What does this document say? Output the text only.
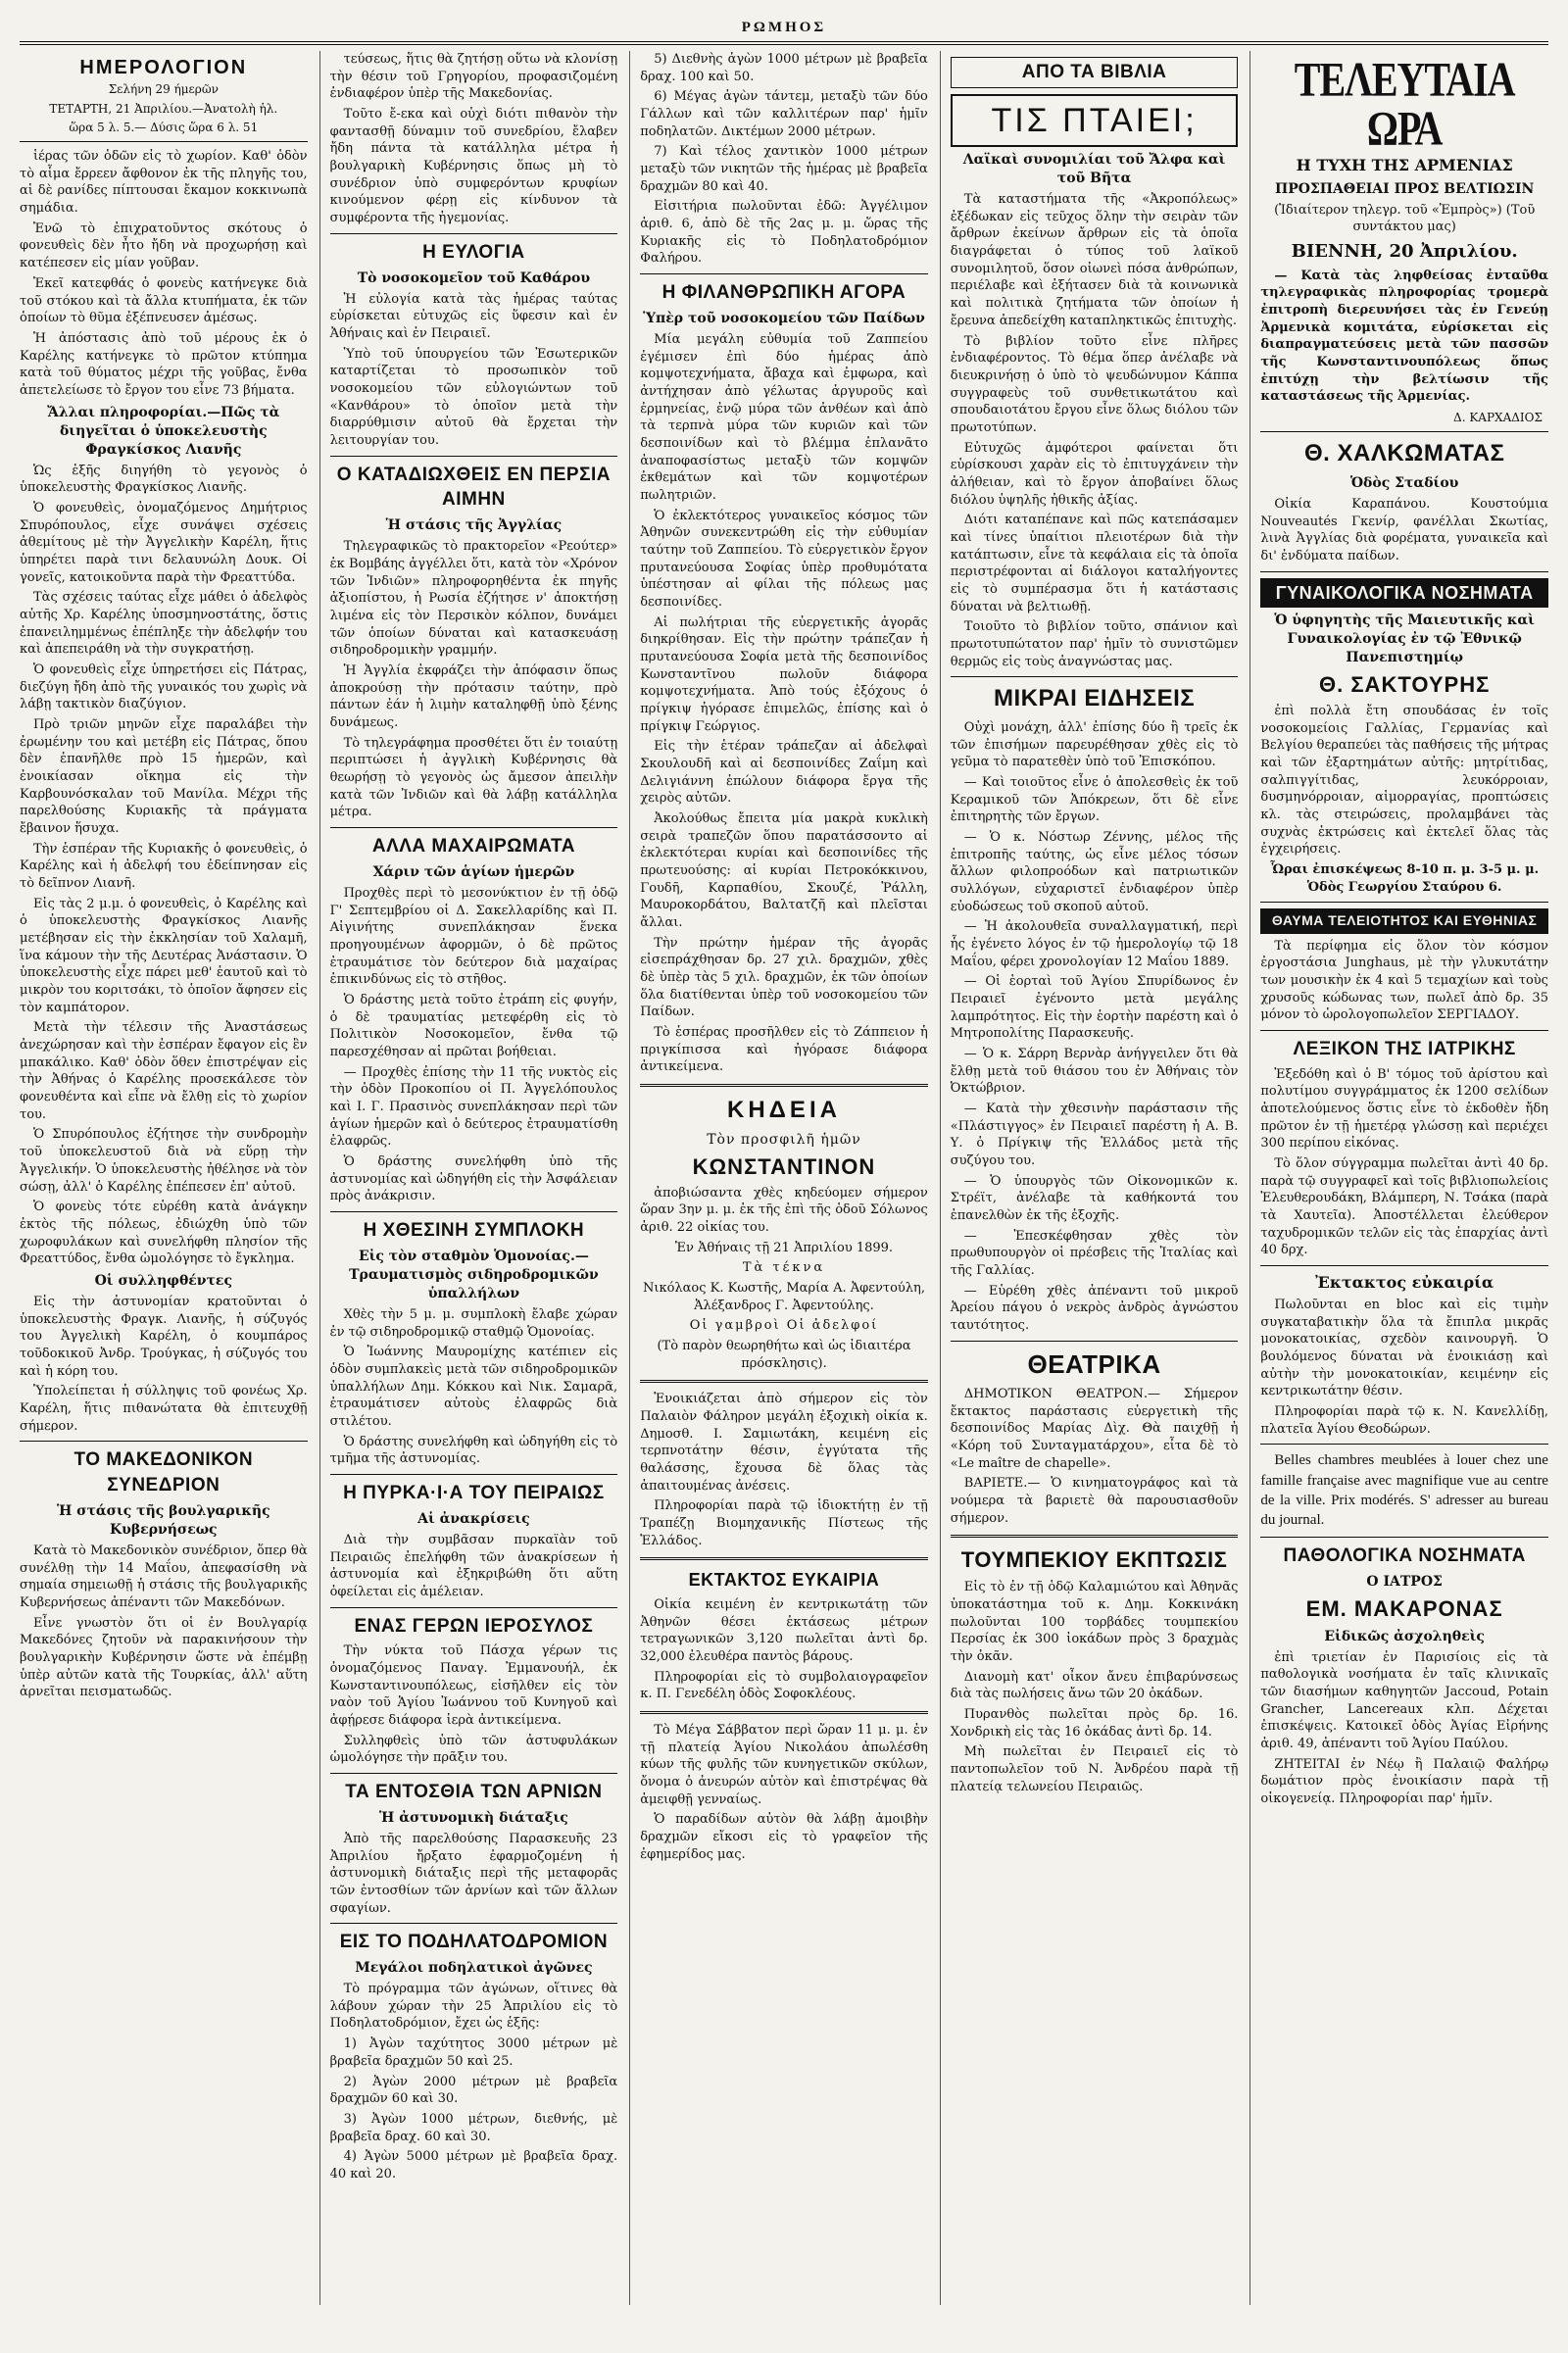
ΡΩΜΗΟΣ
ΗΜΕΡΟΛΟΓΙΟΝ

Σελήνη 29 ήμερῶν

ΤΕΤΑΡΤΗ, 21 Ἀπριλίου.—Ἀνατολὴ ἡλ.

ὥρα 5 λ. 5.— Δύσις ὥρα 6 λ. 51

ἱέρας τῶν ὁδῶν εἰς τὸ χωρίον. Καθ' ὁδὸν τὸ αἷμα ἔρρεεν ἄφθονον ἐκ τῆς πληγῆς του, αἱ δὲ ρανίδες πίπτουσαι ἔκαμον κοκκινωπὰ σημάδια.

Ἐνῶ τὸ ἐπιχρατοῦντος σκότους ὁ φονευθεὶς δὲν ἦτο ἤδη νὰ προχωρήσῃ καὶ κατέπεσεν εἰς μίαν γοῦβαν.

Ἐκεῖ κατεφθάς ὁ φονεὺς κατήνεγκε διὰ τοῦ στόκου καὶ τὰ ἄλλα κτυπήματα, ἐκ τῶν ὁποίων τὸ θῦμα ἐξέπνευσεν ἀμέσως.

Ἡ ἀπόστασις ἀπὸ τοῦ μέρους ἐκ ὁ Καρέλης κατήνεγκε τὸ πρῶτον κτύπημα κατὰ τοῦ θύματος μέχρι τῆς γοῦβας, ἔνθα ἀπετελείωσε τὸ ἔργον του εἶνε 73 βήματα.

Ἄλλαι πληροφορίαι.—Πῶς τὰ διηγεῖται ὁ ὑποκελευστὴς Φραγκίσκος Λιανῆς

Ὡς ἑξῆς διηγήθη τὸ γεγονὸς ὁ ὑποκελευστὴς Φραγκίσκος Λιανῆς.

Ὁ φονευθεὶς, ὀνομαζόμενος Δημήτριος Σπυρόπουλος, εἶχε συνάψει σχέσεις ἀθεμίτους μὲ τὴν Ἀγγελικὴν Καρέλη, ἥτις ὑπηρέτει παρὰ τινι δελαυνώλη Δουκ. Οἱ γονεῖς, κατοικοῦντα παρὰ τὴν Φρεαττύδα.

Τὰς σχέσεις ταύτας εἶχε μάθει ὁ ἀδελφὸς αὐτῆς Χρ. Καρέλης ὑποσμηνοστάτης, ὅστις ἐπανειλημμένως ἐπέπληξε τὴν ἀδελφήν του καὶ ἀπεπειράθη νὰ τὴν συγκρατήσῃ.

Ὁ φονευθεὶς εἶχε ὑπηρετήσει εἰς Πάτρας, διεζύγη ἤδη ἀπὸ τῆς γυναικός του χωρὶς νὰ λάβῃ τακτικὸν διαζύγιον.

Πρὸ τριῶν μηνῶν εἶχε παραλάβει τὴν ἐρωμένην του καὶ μετέβη εἰς Πάτρας, ὅπου δὲν ἐπανῆλθε πρὸ 15 ἡμερῶν, καὶ ἐνοικίασαν οἴκημα εἰς τὴν Καρβουνόσκαλαν τοῦ Μανίλα. Μέχρι τῆς παρελθούσης Κυριακῆς τὰ πράγματα ἔβαινον ἥσυχα.

Τὴν ἑσπέραν τῆς Κυριακῆς ὁ φονευθεὶς, ὁ Καρέλης καὶ ἡ ἀδελφή του ἐδείπνησαν εἰς τὸ δεῖπνον Λιανῆ.

Εἰς τὰς 2 μ.μ. ὁ φονευθεὶς, ὁ Καρέλης καὶ ὁ ὑποκελευστὴς Φραγκίσκος Λιανῆς μετέβησαν εἰς τὴν ἐκκλησίαν τοῦ Χαλαμῆ, ἵνα κάμουν τὴν τῆς Δευτέρας Ἀνάστασιν. Ὁ ὑποκελευστὴς εἶχε πάρει μεθ' ἑαυτοῦ καὶ τὸ μικρὸν του κοριτσάκι, τὸ ὁποῖον ἄφησεν εἰς τὸν καμπάτορον.

Μετὰ τὴν τέλεσιν τῆς Ἀναστάσεως ἀνεχώρησαν καὶ τὴν ἐσπέραν ἔφαγον εἰς ἓν μπακάλικο. Καθ' ὁδὸν ὅθεν ἐπιστρέψαν εἰς τὴν Ἀθήνας ὁ Καρέλης προσεκάλεσε τὸν φονευθέντα καὶ εἶπε νὰ ἔλθῃ εἰς τὸ χωρίον του.

Ὁ Σπυρόπουλος ἐζήτησε τὴν συνδρομὴν τοῦ ὑποκελευστοῦ διὰ νὰ εὕρῃ τὴν Ἀγγελικήν. Ὁ ὑποκελευστὴς ἠθέλησε νὰ τὸν σώσῃ, ἀλλ' ὁ Καρέλης ἐπέπεσεν ἐπ' αὐτοῦ.

Ὁ φονεὺς τότε εὑρέθη κατὰ ἀνάγκην ἐκτὸς τῆς πόλεως, ἐδιώχθη ὑπὸ τῶν χωροφυλάκων καὶ συνελήφθη πλησίον τῆς Φρεαττύδος, ἔνθα ὡμολόγησε τὸ ἔγκλημα.

Οἱ συλληφθέντες

Εἰς τὴν ἀστυνομίαν κρατοῦνται ὁ ὑποκελευστὴς Φραγκ. Λιανῆς, ἡ σύζυγός του Ἀγγελικὴ Καρέλη, ὁ κουμπάρος τοῦδοκικοῦ Ἀνδρ. Τρούγκας, ἡ σύζυγός του καὶ ἡ κόρη του.

Ὑπολείπεται ἡ σύλληψις τοῦ φονέως Χρ. Καρέλη, ἥτις πιθανώτατα θὰ ἐπιτευχθῇ σήμερον.

ΤΟ ΜΑΚΕΔΟΝΙΚΟΝ ΣΥΝΕΔΡΙΟΝ
Ἡ στάσις τῆς βουλγαρικῆς Κυβερνήσεως

Κατὰ τὸ Μακεδονικὸν συνέδριον, ὅπερ θὰ συνέλθῃ τὴν 14 Μαΐου, ἀπεφασίσθη νὰ σημαία σημειωθῇ ἡ στάσις τῆς βουλγαρικῆς Κυβερνήσεως ἀπέναντι τῶν Μακεδόνων.

Εἶνε γνωστὸν ὅτι οἱ ἐν Βουλγαρίᾳ Μακεδόνες ζητοῦν νὰ παρακινήσουν τὴν βουλγαρικὴν Κυβέρνησιν ὥστε νὰ ἐπέμβῃ ὑπὲρ αὐτῶν κατὰ τῆς Τουρκίας, ἀλλ' αὕτη ἀρνεῖται πεισματωδῶς.

τεύσεως, ἥτις θὰ ζητήσῃ οὕτω νὰ κλονίσῃ τὴν θέσιν τοῦ Γρηγορίου, προφασιζομένη ἐνδιαφέρον ὑπὲρ τῆς Μακεδονίας.

Τοῦτο ἔ-εκα καὶ οὐχὶ διότι πιθανὸν τὴν φαντασθῇ δύναμιν τοῦ συνεδρίου, ἔλαβεν ἤδη πάντα τὰ κατάλληλα μέτρα ἡ βουλγαρικὴ Κυβέρνησις ὅπως μὴ τὸ συνέδριον ὑπὸ συμφερόντων κρυφίων κινούμενον φέρῃ εἰς κίνδυνον τὰ συμφέροντα τῆς ἡγεμονίας.

Η ΕΥΛΟΓΙΑ
Τὸ νοσοκομεῖον τοῦ Καθάρου

Ἡ εὐλογία κατὰ τὰς ἡμέρας ταύτας εὑρίσκεται εὐτυχῶς εἰς ὕφεσιν καὶ ἐν Ἀθήναις καὶ ἐν Πειραιεῖ.

Ὑπὸ τοῦ ὑπουργείου τῶν Ἐσωτερικῶν καταρτίζεται τὸ προσωπικὸν τοῦ νοσοκομείου τῶν εὐλογιώντων τοῦ «Κανθάρου» τὸ ὁποῖον μετὰ τὴν διαρρύθμισιν αὐτοῦ θὰ ἔρχεται τὴν λειτουργίαν του.

Ο ΚΑΤΑΔΙΩΧΘΕΙΣ ΕΝ ΠΕΡΣΙΑ ΑΙΜΗΝ
Ἡ στάσις τῆς Ἀγγλίας

Τηλεγραφικῶς τὸ πρακτορεῖον «Ρεούτερ» ἐκ Βομβάης ἀγγέλλει ὅτι, κατὰ τὸν «Χρόνον τῶν Ἰνδιῶν» πληροφορηθέντα ἐκ πηγῆς ἀξιοπίστου, ἡ Ρωσία ἐζήτησε ν' ἀποκτήσῃ λιμένα εἰς τὸν Περσικὸν κόλπον, δυνάμει τῶν ὁποίων δύναται καὶ κατασκευάσῃ σιδηροδρομικὴν γραμμήν.

Ἡ Ἀγγλία ἐκφράζει τὴν ἀπόφασιν ὅπως ἀποκρούσῃ τὴν πρότασιν ταύτην, πρὸ πάντων ἐάν ἡ λιμὴν καταληφθῇ ὑπὸ ξένης δυνάμεως.

Τὸ τηλεγράφημα προσθέτει ὅτι ἐν τοιαύτῃ περιπτώσει ἡ ἀγγλικὴ Κυβέρνησις θὰ θεωρήσῃ τὸ γεγονὸς ὡς ἄμεσον ἀπειλὴν κατὰ τῶν Ἰνδιῶν καὶ θὰ λάβῃ κατάλληλα μέτρα.

ΑΛΛΑ ΜΑΧΑΙΡΩΜΑΤΑ
Χάριν τῶν ἁγίων ἡμερῶν

Προχθὲς περὶ τὸ μεσονύκτιον ἐν τῇ ὁδῷ Γ' Σεπτεμβρίου οἱ Δ. Σακελλαρίδης καὶ Π. Αἰγινήτης συνεπλάκησαν ἕνεκα προηγουμένων ἀφορμῶν, ὁ δὲ πρῶτος ἐτραυμάτισε τὸν δεύτερον διὰ μαχαίρας ἐπικινδύνως εἰς τὸ στῆθος.

Ὁ δράστης μετὰ τοῦτο ἐτράπη εἰς φυγήν, ὁ δὲ τραυματίας μετεφέρθη εἰς τὸ Πολιτικὸν Νοσοκομεῖον, ἔνθα τῷ παρεσχέθησαν αἱ πρῶται βοήθειαι.

— Προχθὲς ἐπίσης τὴν 11 τῆς νυκτὸς εἰς τὴν ὁδὸν Προκοπίου οἱ Π. Ἀγγελόπουλος καὶ Ι. Γ. Πρασινὸς συνεπλάκησαν περὶ τῶν ἁγίων ἡμερῶν καὶ ὁ δεύτερος ἐτραυματίσθη ἐλαφρῶς.

Ὁ δράστης συνελήφθη ὑπὸ τῆς ἀστυνομίας καὶ ὡδηγήθη εἰς τὴν Ἀσφάλειαν πρὸς ἀνάκρισιν.

Η ΧΘΕΣΙΝΗ ΣΥΜΠΛΟΚΗ
Εἰς τὸν σταθμὸν Ὁμονοίας.—Τραυματισμὸς σιδηροδρομικῶν ὑπαλλήλων

Χθὲς τὴν 5 μ. μ. συμπλοκὴ ἔλαβε χώραν ἐν τῷ σιδηροδρομικῷ σταθμῷ Ὁμονοίας.

Ὁ Ἰωάννης Μαυρομίχης κατέπιεν εἰς ὁδὸν συμπλακεὶς μετὰ τῶν σιδηροδρομικῶν ὑπαλλήλων Δημ. Κόκκου καὶ Νικ. Σαμαρᾶ, ἐτραυμάτισεν αὐτοὺς ἐλαφρῶς διὰ στιλέτου.

Ὁ δράστης συνελήφθη καὶ ὡδηγήθη εἰς τὸ τμῆμα τῆς ἀστυνομίας.

Η ΠΥΡΚΑ·Ι·Α ΤΟΥ ΠΕΙΡΑΙΩΣ
Αἱ ἀνακρίσεις

Διὰ τὴν συμβᾶσαν πυρκαϊὰν τοῦ Πειραιῶς ἐπελήφθη τῶν ἀνακρίσεων ἡ ἀστυνομία καὶ ἐξηκριβώθη ὅτι αὕτη ὀφείλεται εἰς ἀμέλειαν.

ΕΝΑΣ ΓΕΡΩΝ ΙΕΡΟΣΥΛΟΣ

Τὴν νύκτα τοῦ Πάσχα γέρων τις ὀνομαζόμενος Παναγ. Ἐμμανουήλ, ἐκ Κωνσταντινουπόλεως, εἰσῆλθεν εἰς τὸν ναὸν τοῦ Ἁγίου Ἰωάννου τοῦ Κυνηγοῦ καὶ ἀφῄρεσε διάφορα ἱερὰ ἀντικείμενα.

Συλληφθεὶς ὑπὸ τῶν ἀστυφυλάκων ὡμολόγησε τὴν πρᾶξιν του.

ΤΑ ΕΝΤΟΣΘΙΑ ΤΩΝ ΑΡΝΙΩΝ
Ἡ ἀστυνομικὴ διάταξις

Ἀπὸ τῆς παρελθούσης Παρασκευῆς 23 Ἀπριλίου ἤρξατο ἐφαρμοζομένη ἡ ἀστυνομικὴ διάταξις περὶ τῆς μεταφορᾶς τῶν ἐντοσθίων τῶν ἀρνίων καὶ τῶν ἄλλων σφαγίων.

ΕΙΣ ΤΟ ΠΟΔΗΛΑΤΟΔΡΟΜΙΟΝ
Μεγάλοι ποδηλατικοὶ ἀγῶνες

Τὸ πρόγραμμα τῶν ἀγώνων, οἵτινες θὰ λάβουν χώραν τὴν 25 Ἀπριλίου εἰς τὸ Ποδηλατοδρόμιον, ἔχει ὡς ἑξῆς:

1) Ἀγὼν ταχύτητος 3000 μέτρων μὲ βραβεῖα δραχμῶν 50 καὶ 25.

2) Ἀγὼν 2000 μέτρων μὲ βραβεῖα δραχμῶν 60 καὶ 30.

3) Ἀγὼν 1000 μέτρων, διεθνής, μὲ βραβεῖα δραχ. 60 καὶ 30.

4) Ἀγὼν 5000 μέτρων μὲ βραβεῖα δραχ. 40 καὶ 20.

5) Διεθνὴς ἀγὼν 1000 μέτρων μὲ βραβεῖα δραχ. 100 καὶ 50.

6) Μέγας ἀγὼν τάντεμ, μεταξὺ τῶν δύο Γάλλων καὶ τῶν καλλιτέρων παρ' ἡμῖν ποδηλατῶν. Δικτέμων 2000 μέτρων.

7) Καὶ τέλος χαντικὸν 1000 μέτρων μεταξὺ τῶν νικητῶν τῆς ἡμέρας μὲ βραβεῖα δραχμῶν 80 καὶ 40.

Εἰσιτήρια πωλοῦνται ἐδῶ: Ἀγγέλιμον ἀριθ. 6, ἀπὸ δὲ τῆς 2ας μ. μ. ὥρας τῆς Κυριακῆς εἰς τὸ Ποδηλατοδρόμιον Φαλήρου.

Η ΦΙΛΑΝΘΡΩΠΙΚΗ ΑΓΟΡΑ
Ὑπὲρ τοῦ νοσοκομείου τῶν Παίδων

Μία μεγάλη εὐθυμία τοῦ Ζαππείου ἐγέμισεν ἐπὶ δύο ἡμέρας ἀπὸ κομψοτεχνήματα, ἄβαχα καὶ ἐμφωρα, καὶ ἀντήχησαν ἀπὸ γέλωτας ἀργυροῦς καὶ ἐρμηνείας, ἐνῷ μύρα τῶν ἀνθέων καὶ ἀπὸ τὰ τερπνὰ μύρα τῶν κυριῶν καὶ τῶν δεσποινίδων καὶ τὸ βλέμμα ἐπλανᾶτο ἀναποφασίστως μεταξὺ τῶν κομψῶν ἐκθεμάτων καὶ τῶν κομψοτέρων πωλητριῶν.

Ὁ ἐκλεκτότερος γυναικεῖος κόσμος τῶν Ἀθηνῶν συνεκεντρώθη εἰς τὴν εὐθυμίαν ταύτην τοῦ Ζαππείου. Τὸ εὐεργετικὸν ἔργον πρυτανεύουσα Σοφίας ὑπὲρ προθυμότατα ὑπέστησαν αἱ φίλαι τῆς πόλεως μας δεσποινίδες.

Αἱ πωλήτριαι τῆς εὐεργετικῆς ἀγορᾶς διηκρίθησαν. Εἰς τὴν πρώτην τράπεζαν ἡ πρυτανεύουσα Σοφία μετὰ τῆς δεσποινίδος Κωνσταντῖνου πωλοῦν διάφορα κομψοτεχνήματα. Ἀπὸ τούς ἐξόχους ὁ πρίγκιψ ἠγόρασε ἐπιμελῶς, ἐπίσης καὶ ὁ πρίγκιψ Γεώργιος.

Εἰς τὴν ἑτέραν τράπεζαν αἱ ἀδελφαὶ Σκουλουδῆ καὶ αἱ δεσποινίδες Ζαΐμη καὶ Δελιγιάννη ἐπώλουν διάφορα ἔργα τῆς χειρὸς αὐτῶν.

Ἀκολούθως ἔπειτα μία μακρὰ κυκλικὴ σειρὰ τραπεζῶν ὅπου παρατάσσοντο αἱ ἐκλεκτότεραι κυρίαι καὶ δεσποινίδες τῆς πρωτευούσης: αἱ κυρίαι Πετροκόκκινου, Γουδῆ, Καρπαθίου, Σκουζέ, Ῥάλλη, Μαυροκορδάτου, Βαλτατζῆ καὶ πλεῖσται ἄλλαι.

Τὴν πρώτην ἡμέραν τῆς ἀγορᾶς εἰσεπράχθησαν δρ. 27 χιλ. δραχμῶν, χθὲς δὲ ὑπὲρ τὰς 5 χιλ. δραχμῶν, ἐκ τῶν ὁποίων ὅλα διατίθενται ὑπὲρ τοῦ νοσοκομείου τῶν Παίδων.

Τὸ ἑσπέρας προσῆλθεν εἰς τὸ Ζάππειον ἡ πριγκίπισσα καὶ ἠγόρασε διάφορα ἀντικείμενα.

ΚΗΔΕΙΑ
Τὸν προσφιλῆ ἡμῶν
ΚΩΝΣΤΑΝΤΙΝΟΝ

ἀποβιώσαντα χθὲς κηδεύομεν σήμερον ὥραν 3ην μ. μ. ἐκ τῆς ἐπὶ τῆς ὁδοῦ Σόλωνος ἀριθ. 22 οἰκίας του.

Ἐν Ἀθήναις τῇ 21 Ἀπριλίου 1899.

Τὰ τέκνα

Νικόλαος Κ. Κωστῆς, Μαρία Α. Ἀφεντούλη, Ἀλέξανδρος Γ. Ἀφεντούλης.

Οἱ γαμβροὶ Οἱ ἀδελφοί

(Τὸ παρὸν θεωρηθήτω καὶ ὡς ἰδιαιτέρα πρόσκλησις).

Ἐνοικιάζεται ἀπὸ σήμερον εἰς τὸν Παλαιὸν Φάληρον μεγάλη ἐξοχικὴ οἰκία κ. Δημοσθ. Ι. Σαμιωτάκη, κειμένη εἰς τερπνοτάτην θέσιν, ἐγγύτατα τῆς θαλάσσης, ἔχουσα δὲ ὅλας τὰς ἀπαιτουμένας ἀνέσεις.

Πληροφορίαι παρὰ τῷ ἰδιοκτήτῃ ἐν τῇ Τραπέζῃ Βιομηχανικῆς Πίστεως τῆς Ἑλλάδος.

ΕΚΤΑΚΤΟΣ ΕΥΚΑΙΡΙΑ

Οἰκία κειμένη ἐν κεντρικωτάτῃ τῶν Ἀθηνῶν θέσει ἐκτάσεως μέτρων τετραγωνικῶν 3,120 πωλεῖται ἀντὶ δρ. 32,000 ἐλευθέρα παντὸς βάρους.

Πληροφορίαι εἰς τὸ συμβολαιογραφεῖον κ. Π. Γενεδέλη ὁδὸς Σοφοκλέους.

Τὸ Μέγα Σάββατον περὶ ὥραν 11 μ. μ. ἐν τῇ πλατείᾳ Ἁγίου Νικολάου ἀπωλέσθη κύων τῆς φυλῆς τῶν κυνηγετικῶν σκύλων, ὄνομα ὁ ἀνευρών αὐτὸν καὶ ἐπιστρέψας θὰ ἀμειφθῇ γενναίως.

Ὁ παραδίδων αὐτὸν θὰ λάβῃ ἀμοιβὴν δραχμῶν εἴκοσι εἰς τὸ γραφεῖον τῆς ἐφημερίδος μας.

ΑΠΟ ΤΑ ΒΙΒΛΙΑ
ΤΙΣ ΠΤΑΙΕΙ;
Λαϊκαὶ συνομιλίαι τοῦ Ἄλφα καὶ τοῦ Βῆτα

Τὰ καταστήματα τῆς «Ἀκροπόλεως» ἐξέδωκαν εἰς τεῦχος ὅλην τὴν σειρὰν τῶν ἄρθρων ἐκείνων ἄρθρων εἰς τὰ ὁποῖα διαγράφεται ὁ τύπος τοῦ λαϊκοῦ συνομιλητοῦ, ὅσον οἰωνεὶ πόσα ἀνθρώπων, περιέλαβε καὶ ἐξήτασεν διὰ τὰ κοινωνικὰ καὶ πολιτικὰ ζητήματα τῶν ὁποίων ἡ ἔρευνα ἀπεδείχθη καταπληκτικῶς ἐπιτυχὴς.

Τὸ βιβλίον τοῦτο εἶνε πλῆρες ἐνδιαφέροντος. Τὸ θέμα ὅπερ ἀνέλαβε νὰ διευκρινήσῃ ὁ ὑπὸ τὸ ψευδώνυμον Κάππα συγγραφεὺς τοῦ συνθετικωτάτου καὶ σπουδαιοτάτου ἔργου εἶνε ὅλως διόλου τῶν πρωτοτύπων.

Εὐτυχῶς ἀμφότεροι φαίνεται ὅτι εὑρίσκουσι χαρὰν εἰς τὸ ἐπιτυγχάνειν τὴν ἀλήθειαν, καὶ τὸ ἔργον ἀποβαίνει ὅλως διόλου ὑψηλῆς ἠθικῆς ἀξίας.

Διότι καταπέπανε καὶ πῶς κατεπάσαμεν καὶ τίνες ὑπαίτιοι πλειοτέρων διὰ τὴν κατάπτωσιν, εἶνε τὰ κεφάλαια εἰς τὰ ὁποῖα περιστρέφονται αἱ διάλογοι καταλήγοντες εἰς τὸ συμπέρασμα ὅτι ἡ κατάστασις δύναται νὰ βελτιωθῇ.

Τοιοῦτο τὸ βιβλίον τοῦτο, σπάνιον καὶ πρωτοτυπώτατον παρ' ἡμῖν τὸ συνιστῶμεν θερμῶς εἰς τοὺς ἀναγνώστας μας.

ΜΙΚΡΑΙ ΕΙΔΗΣΕΙΣ

Οὐχὶ μονάχη, ἀλλ' ἐπίσης δύο ἢ τρεῖς ἐκ τῶν ἐπισήμων παρευρέθησαν χθὲς εἰς τὸ γεῦμα τὸ παρατεθὲν ὑπὸ τοῦ Ἐπισκόπου.

— Καὶ τοιοῦτος εἶνε ὁ ἀπολεσθεὶς ἐκ τοῦ Κεραμικοῦ τῶν Ἀπόκρεων, ὅτι δὲ εἶνε ἐπιτηρητὴς τῶν ἔργων.

— Ὁ κ. Νόστωρ Ζέννης, μέλος τῆς ἐπιτροπῆς ταύτης, ὡς εἶνε μέλος τόσων ἄλλων φιλοπροόδων καὶ πατριωτικῶν συλλόγων, εὐχαριστεῖ ἐνδιαφέρον ὑπὲρ εὐοδώσεως τοῦ σκοποῦ αὐτοῦ.

— Ἡ ἀκολουθεῖα συναλλαγματική, περὶ ἧς ἐγένετο λόγος ἐν τῷ ἡμερολογίῳ τῷ 18 Μαΐου, φέρει χρονολογίαν 12 Μαΐου 1889.

— Οἱ ἑορταὶ τοῦ Ἁγίου Σπυρίδωνος ἐν Πειραιεῖ ἐγένοντο μετὰ μεγάλης λαμπρότητος. Εἰς τὴν ἑορτὴν παρέστη καὶ ὁ Μητροπολίτης Παρασκευῆς.

— Ὁ κ. Σάρρη Βερνὰρ ἀνήγγειλεν ὅτι θὰ ἔλθῃ μετὰ τοῦ θιάσου του ἐν Ἀθήναις τὸν Ὀκτώβριον.

— Κατὰ τὴν χθεσινὴν παράστασιν τῆς «Πλάστιγγος» ἐν Πειραιεῖ παρέστη ἡ Α. Β. Υ. ὁ Πρίγκιψ τῆς Ἑλλάδος μετὰ τῆς συζύγου του.

— Ὁ ὑπουργὸς τῶν Οἰκονομικῶν κ. Στρέϊτ, ἀνέλαβε τὰ καθήκοντά του ἐπανελθὼν ἐκ τῆς ἐξοχῆς.

— Ἐπεσκέφθησαν χθὲς τὸν πρωθυπουργὸν οἱ πρέσβεις τῆς Ἰταλίας καὶ τῆς Γαλλίας.

— Εὑρέθη χθὲς ἀπέναντι τοῦ μικροῦ Ἀρείου πάγου ὁ νεκρὸς ἀνδρὸς ἀγνώστου ταυτότητος.

ΘΕΑΤΡΙΚΑ

ΔΗΜΟΤΙΚΟΝ ΘΕΑΤΡΟΝ.— Σήμερον ἔκτακτος παράστασις εὐεργετικὴ τῆς δεσποινίδος Μαρίας Δὶχ. Θὰ παιχθῇ ἡ «Κόρη τοῦ Συνταγματάρχου», εἶτα δὲ τὸ «Le maître de chapelle».

ΒΑΡΙΕΤΕ.— Ὁ κινηματογράφος καὶ τὰ νούμερα τὰ βαριετὲ θὰ παρουσιασθοῦν σήμερον.

ΤΟΥΜΠΕΚΙΟΥ ΕΚΠΤΩΣΙΣ

Εἰς τὸ ἐν τῇ ὁδῷ Καλαμιώτου καὶ Ἀθηνᾶς ὑποκατάστημα τοῦ κ. Δημ. Κοκκινάκη πωλοῦνται 100 τορβάδες τουμπεκίου Περσίας ἐκ 300 ἰοκάδων πρὸς 3 δραχμὰς τὴν ὀκᾶν.

Διανομὴ κατ' οἶκον ἄνευ ἐπιβαρύνσεως διὰ τὰς πωλήσεις ἄνω τῶν 20 ὀκάδων.

Πυρανθὸς πωλεῖται πρὸς δρ. 16. Χονδρικὴ εἰς τὰς 16 ὀκάδας ἀντὶ δρ. 14.

Μὴ πωλεῖται ἐν Πειραιεῖ εἰς τὸ παντοπωλεῖον τοῦ Ν. Ἀνδρέου παρὰ τῇ πλατείᾳ τελωνείου Πειραιῶς.

ΤΕΛΕΥΤΑΙΑ ΩΡΑ
Η ΤΥΧΗ ΤΗΣ ΑΡΜΕΝΙΑΣ
ΠΡΟΣΠΑΘΕΙΑΙ ΠΡΟΣ ΒΕΛΤΙΩΣΙΝ

(Ἰδιαίτερον τηλεγρ. τοῦ «Ἐμπρὸς») (Τοῦ συντάκτου μας)

ΒΙΕΝΝΗ, 20 Ἀπριλίου.

— Κατὰ τὰς ληφθείσας ἐνταῦθα τηλεγραφικὰς πληροφορίας τρομερὰ ἐπιτροπὴ διερευνήσει τὰς ἐν Γενεύῃ Ἀρμενικὰ κομιτάτα, εὑρίσκεται εἰς διαπραγματεύσεις μετὰ τῶν πασσῶν τῆς Κωνσταντινουπόλεως ὅπως ἐπιτύχῃ τὴν βελτίωσιν τῆς καταστάσεως τῆς Ἀρμενίας.

Δ. ΚΑΡΧΑΔΙΟΣ
Θ. ΧΑΛΚΩΜΑΤΑΣ
Ὁδὸς Σταδίου

Οἰκία Καραπάνου. Κουστούμια Nouveautés Γκενίρ, φανέλλαι Σκωτίας, λινὰ Ἀγγλίας διὰ φορέματα, γυναικεῖα καὶ δι' ἐνδύματα παίδων.

ΓΥΝΑΙΚΟΛΟΓΙΚΑ ΝΟΣΗΜΑΤΑ
Ὁ ὑφηγητὴς τῆς Μαιευτικῆς καὶ Γυναικολογίας ἐν τῷ Ἐθνικῷ Πανεπιστημίῳ
Θ. ΣΑΚΤΟΥΡΗΣ

ἐπὶ πολλὰ ἔτη σπουδάσας ἐν τοῖς νοσοκομείοις Γαλλίας, Γερμανίας καὶ Βελγίου θεραπεύει τὰς παθήσεις τῆς μήτρας καὶ τῶν ἐξαρτημάτων αὐτῆς: μητρίτιδας, σαλπιγγίτιδας, λευκόρροιαν, δυσμηνόρροιαν, αἱμορραγίας, προπτώσεις κλ. τὰς στειρώσεις, προλαμβάνει τὰς συχνὰς ἐκτρώσεις καὶ ἐκτελεῖ ὅλας τὰς ἐγχειρήσεις.

Ὧραι ἐπισκέψεως 8-10 π. μ. 3-5 μ. μ. Ὁδὸς Γεωργίου Σταύρου 6.

ΘΑΥΜΑ ΤΕΛΕΙΟΤΗΤΟΣ ΚΑΙ ΕΥΘΗΝΙΑΣ

Τὰ περίφημα εἰς ὅλον τὸν κόσμον ἐργοστάσια Junghaus, μὲ τὴν γλυκυτάτην των μουσικὴν ἐκ 4 καὶ 5 τεμαχίων καὶ τοὺς χρυσοῦς κώδωνας των, πωλεῖ ἀπὸ δρ. 35 μόνον τὸ ὡρολογοπωλεῖον ΣΕΡΓΙΑΔΟΥ.

ΛΕΞΙΚΟΝ ΤΗΣ ΙΑΤΡΙΚΗΣ

Ἐξεδόθη καὶ ὁ Β' τόμος τοῦ ἀρίστου καὶ πολυτίμου συγγράμματος ἐκ 1200 σελίδων ἀποτελούμενος ὅστις εἶνε τὸ ἐκδοθὲν ἤδη πρῶτον ἐν τῇ ἡμετέρᾳ γλώσσῃ καὶ περιέχει 300 περίπου εἰκόνας.

Τὸ ὅλον σύγγραμμα πωλεῖται ἀντὶ 40 δρ. παρὰ τῷ συγγραφεῖ καὶ τοῖς βιβλιοπωλείοις Ἐλευθερουδάκη, Βλάμπερη, Ν. Τσάκα (παρὰ τὰ Χαυτεῖα). Ἀποστέλλεται ἐλεύθερον ταχυδρομικῶν τελῶν εἰς τὰς ἐπαρχίας ἀντὶ 40 δρχ.

Ἐκτακτος εὐκαιρία

Πωλοῦνται en bloc καὶ εἰς τιμὴν συγκαταβατικὴν ὅλα τὰ ἔπιπλα μικρᾶς μονοκατοικίας, σχεδὸν καινουργῆ. Ὁ βουλόμενος δύναται νὰ ἐνοικιάσῃ καὶ αὐτὴν τὴν μονοκατοικίαν, κειμένην εἰς κεντρικωτάτην θέσιν.

Πληροφορίαι παρὰ τῷ κ. Ν. Κανελλίδῃ, πλατεῖα Ἁγίου Θεοδώρων.

Belles chambres meublées à louer chez une famille française avec magnifique vue au centre de la ville. Prix modérés. S' adresser au bureau du journal.

ΠΑΘΟΛΟΓΙΚΑ ΝΟΣΗΜΑΤΑ
Ο ΙΑΤΡΟΣ
ΕΜ. ΜΑΚΑΡΟΝΑΣ
Εἰδικῶς ἀσχοληθεὶς

ἐπὶ τριετίαν ἐν Παρισίοις εἰς τὰ παθολογικὰ νοσήματα ἐν ταῖς κλινικαῖς τῶν διασήμων καθηγητῶν Jaccoud, Potain Grancher, Lancereaux κλπ. Δέχεται ἐπισκέψεις. Κατοικεῖ ὁδὸς Ἀγίας Εἰρήνης ἀριθ. 49, ἀπέναντι τοῦ Ἁγίου Παύλου.

ΖΗΤΕΙΤΑΙ ἐν Νέῳ ἢ Παλαιῷ Φαλήρῳ δωμάτιον πρὸς ἐνοικίασιν παρὰ τῇ οἰκογενείᾳ. Πληροφορίαι παρ' ἡμῖν.
